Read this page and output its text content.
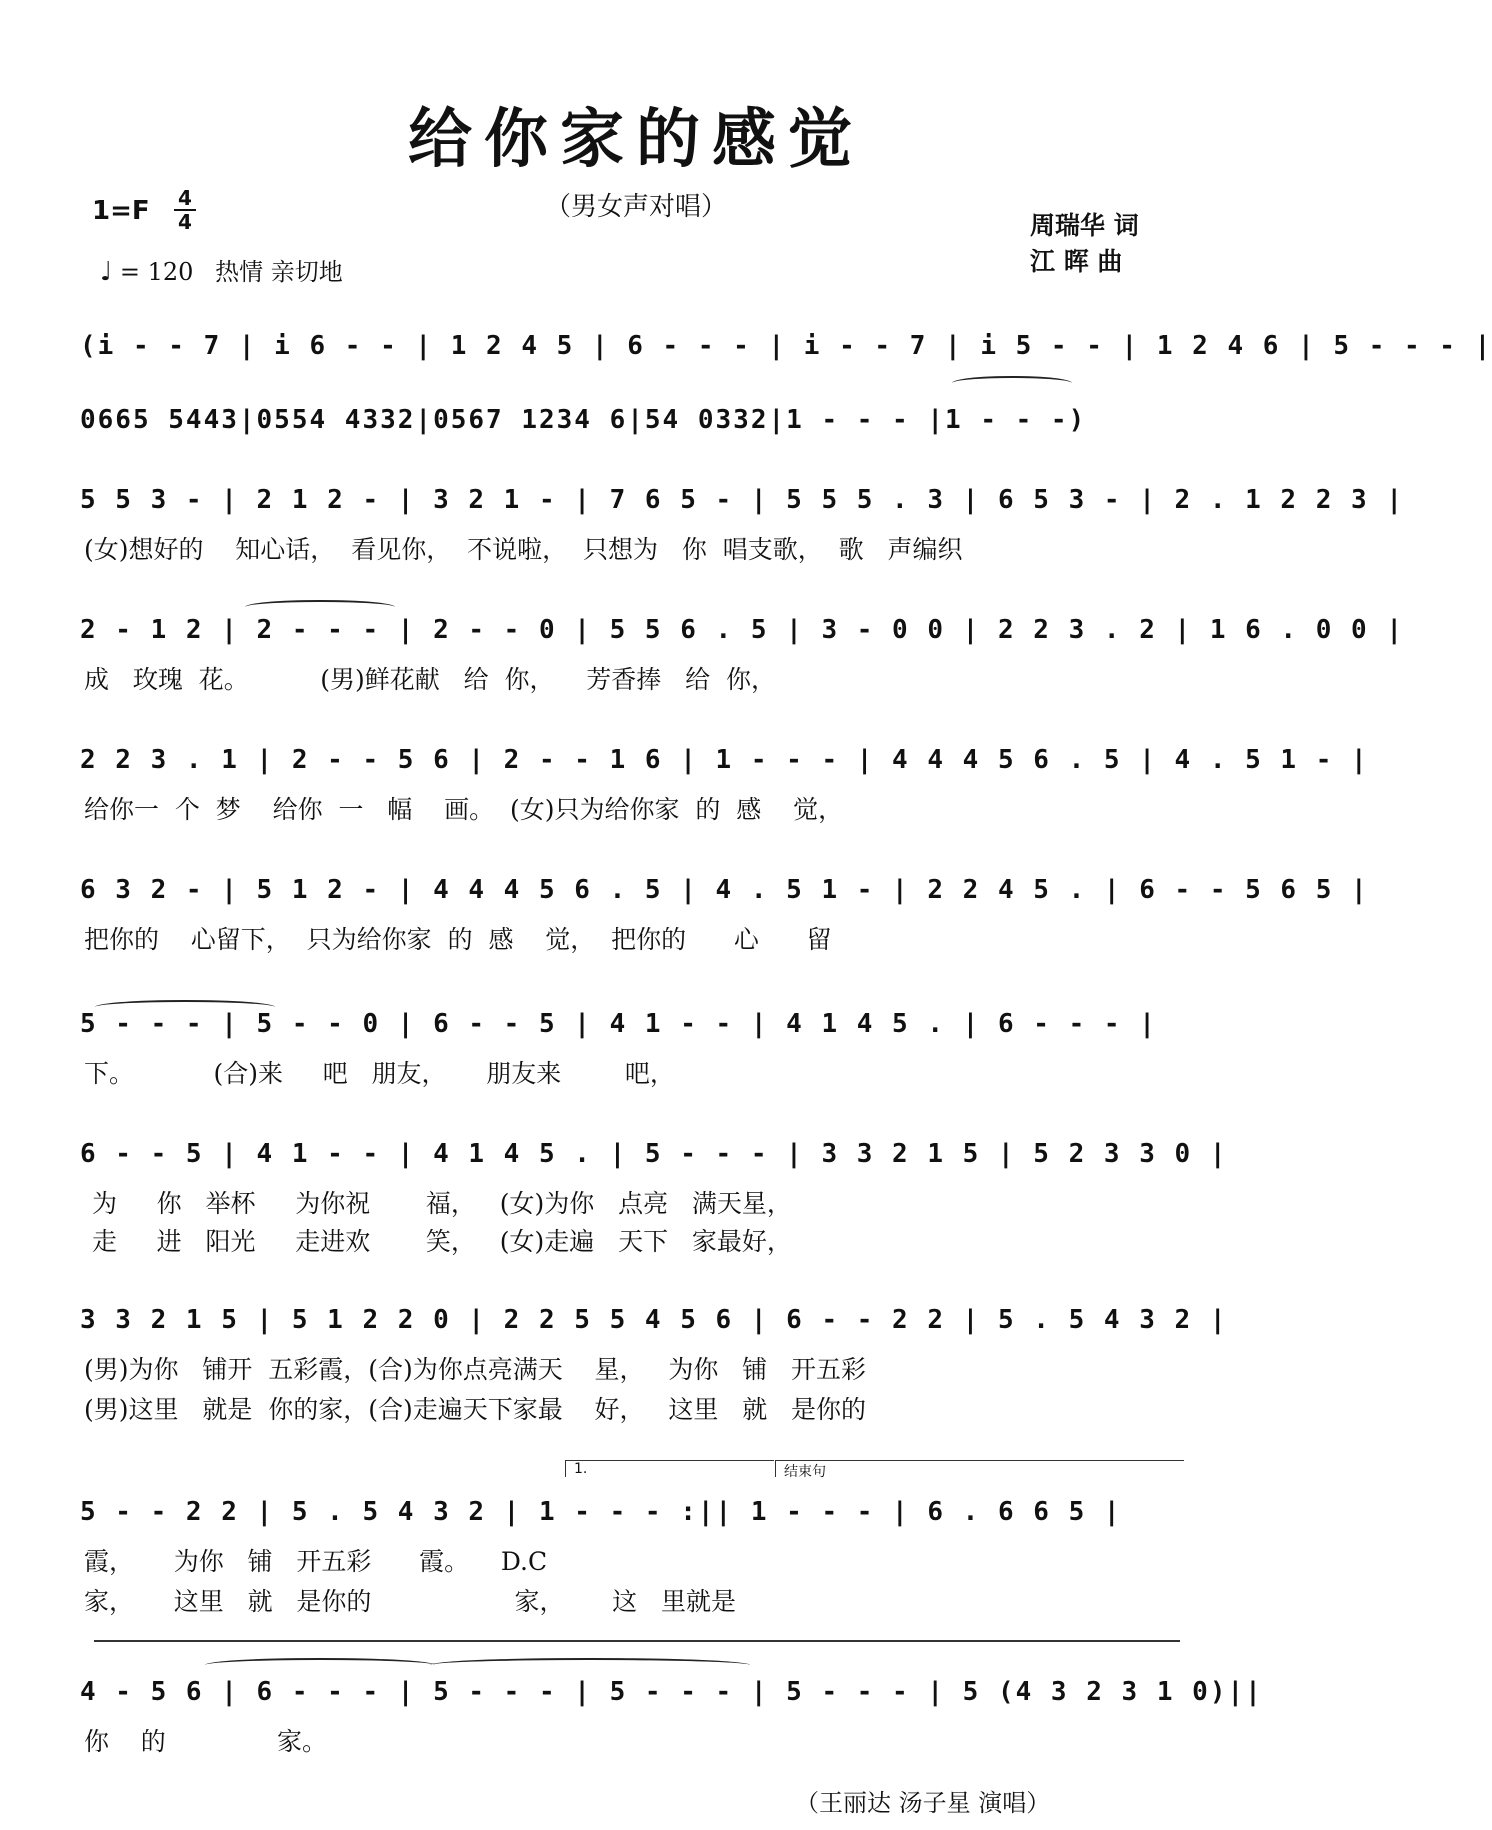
给你家的感觉
（男女声对唱）
1=F	4
4
♩ = 120 热情 亲切地
周瑞华 词
江 晖 曲
(i - - 7 | i 6 - - | 1 2 4 5 | 6 - - - | i - - 7 | i 5 - - | 1 2 4 6 | 5 - - - |
0665 5443|0554 4332|0567 1234 6|54 0332|1 - - - |1 - - -)
5 5 3 - | 2 1 2 - | 3 2 1 - | 7 6 5 - | 5 5 5 . 3 | 6 5 3 - | 2 . 1 2 2 3 |
(女)想好的    知心话，  看见你，  不说啦，  只想为   你  唱支歌，  歌   声编织
2 - 1 2 | 2 - - - | 2 - - 0 | 5 5 6 . 5 | 3 - 0 0 | 2 2 3 . 2 | 1 6 . 0 0 |
成   玫瑰  花。         (男)鲜花献   给  你，    芳香捧   给  你，
2 2 3 . 1 | 2 - - 5 6 | 2 - - 1 6 | 1 - - - | 4 4 4 5 6 . 5 | 4 . 5 1 - |
给你一  个  梦    给你  一   幅    画。  (女)只为给你家  的  感    觉，
6 3 2 - | 5 1 2 - | 4 4 4 5 6 . 5 | 4 . 5 1 - | 2 2 4 5 . | 6 - - 5 6 5 |
把你的    心留下，  只为给你家  的  感    觉，  把你的      心      留
5 - - - | 5 - - 0 | 6 - - 5 | 4 1 - - | 4 1 4 5 . | 6 - - - |
下。          (合)来     吧   朋友，     朋友来        吧，
6 - - 5 | 4 1 - - | 4 1 4 5 . | 5 - - - | 3 3 2 1 5 | 5 2 3 3 0 |
为     你   举杯     为你祝       福，   (女)为你   点亮   满天星，
走     进   阳光     走进欢       笑，   (女)走遍   天下   家最好，
3 3 2 1 5 | 5 1 2 2 0 | 2 2 5 5 4 5 6 | 6 - - 2 2 | 5 . 5 4 3 2 |
(男)为你   铺开  五彩霞，(合)为你点亮满天    星，   为你   铺   开五彩
(男)这里   就是  你的家，(合)走遍天下家最    好，   这里   就   是你的
1.	结束句
5 - - 2 2 | 5 . 5 4 3 2 | 1 - - - :|| 1 - - - | 6 . 6 6 5 |
霞，     为你   铺   开五彩      霞。    D.C
家，     这里   就   是你的                  家，      这   里就是
4 - 5 6 | 6 - - - | 5 - - - | 5 - - - | 5 - - - | 5 (4 3 2 3 1 0)||
你    的              家。
（王丽达 汤子星 演唱）
